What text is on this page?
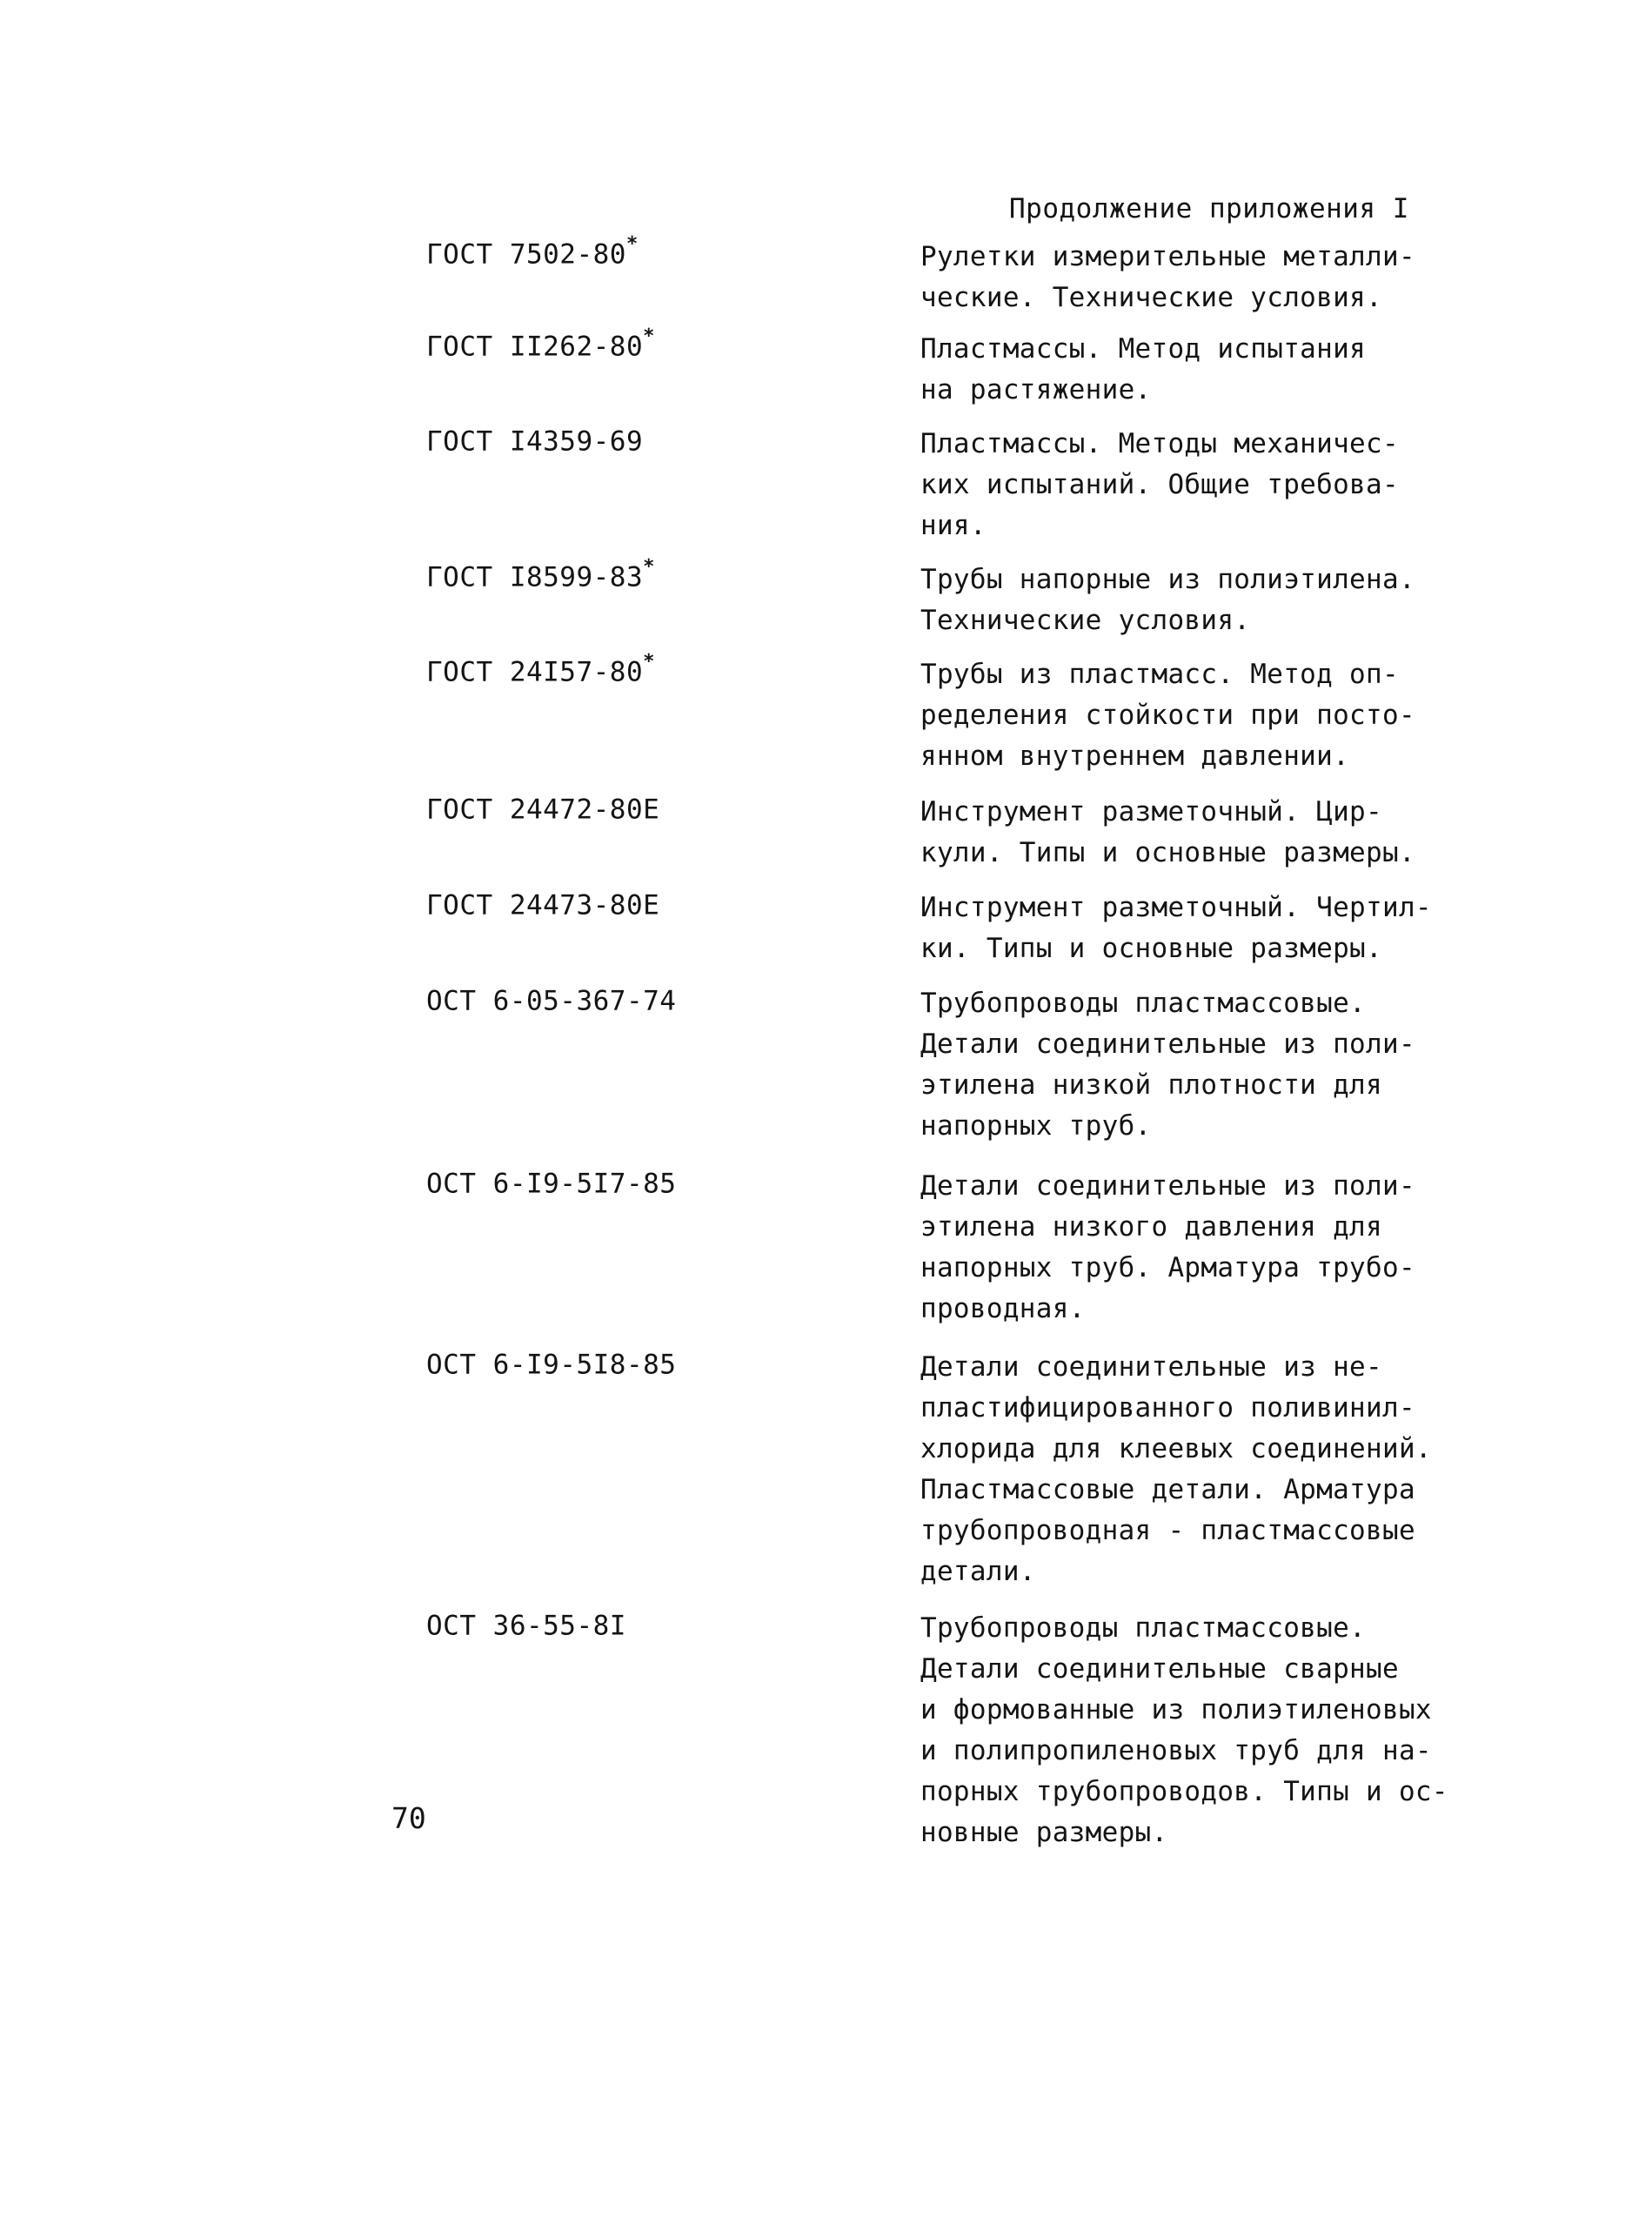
Продолжение приложения I
ГОСТ 7502-80*	Рулетки измерительные металли-
ческие. Технические условия.
ГОСТ II262-80*	Пластмассы. Метод испытания
на растяжение.
ГОСТ I4359-69	Пластмассы. Методы механичес-
ких испытаний. Общие требова-
ния.
ГОСТ I8599-83*	Трубы напорные из полиэтилена.
Технические условия.
ГОСТ 24I57-80*	Трубы из пластмасс. Метод оп-
ределения стойкости при посто-
янном внутреннем давлении.
ГОСТ 24472-80Е	Инструмент разметочный. Цир-
кули. Типы и основные размеры.
ГОСТ 24473-80Е	Инструмент разметочный. Чертил-
ки. Типы и основные размеры.
ОСТ 6-05-367-74	Трубопроводы пластмассовые.
Детали соединительные из поли-
этилена низкой плотности для
напорных труб.
ОСТ 6-I9-5I7-85	Детали соединительные из поли-
этилена низкого давления для
напорных труб. Арматура трубо-
проводная.
ОСТ 6-I9-5I8-85	Детали соединительные из не-
пластифицированного поливинил-
хлорида для клеевых соединений.
Пластмассовые детали. Арматура
трубопроводная - пластмассовые
детали.
ОСТ 36-55-8I	Трубопроводы пластмассовые.
Детали соединительные сварные
и формованные из полиэтиленовых
и полипропиленовых труб для на-
порных трубопроводов. Типы и ос-
новные размеры.
70
